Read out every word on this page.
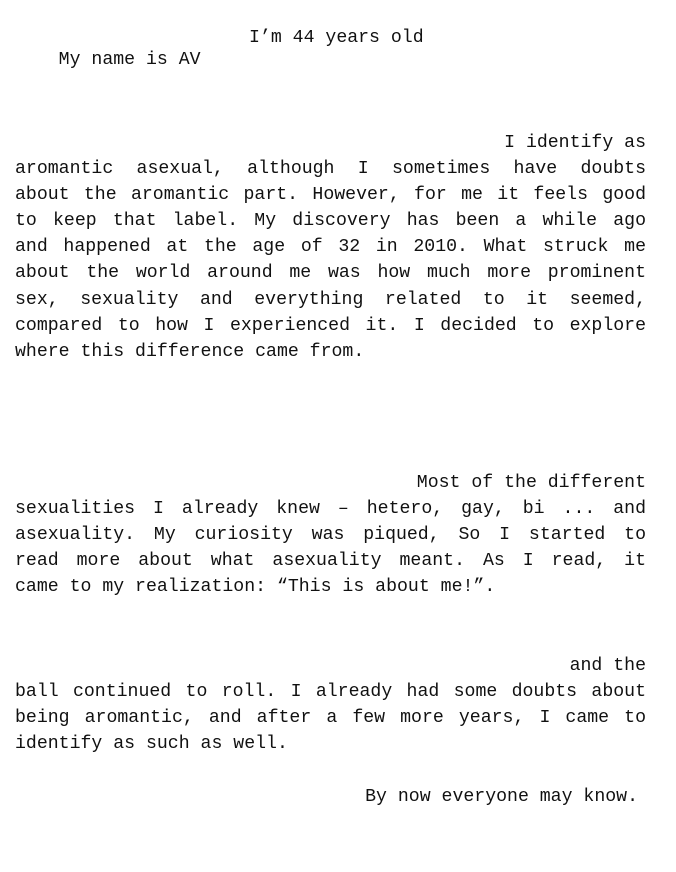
My name is AV

I’m 44 years old

I identify as
aromantic asexual, although I sometimes have doubts
about the aromantic part. However, for me it feels good
to keep that label. My discovery has been a while ago
and happened at the age of 32 in 2010. What struck me
about the world around me was how much more prominent
sex, sexuality and everything related to it seemed,
compared to how I experienced it. I decided to explore
where this difference came from.
Most of the different
sexualities I already knew – hetero, gay, bi ... and
asexuality. My curiosity was piqued, So I started to
read more about what asexuality meant. As I read, it
came to my realization: “This is about me!”.
and the
ball continued to roll. I already had some doubts about
being aromantic, and after a few more years, I came to
identify as such as well.
By now everyone may know.
